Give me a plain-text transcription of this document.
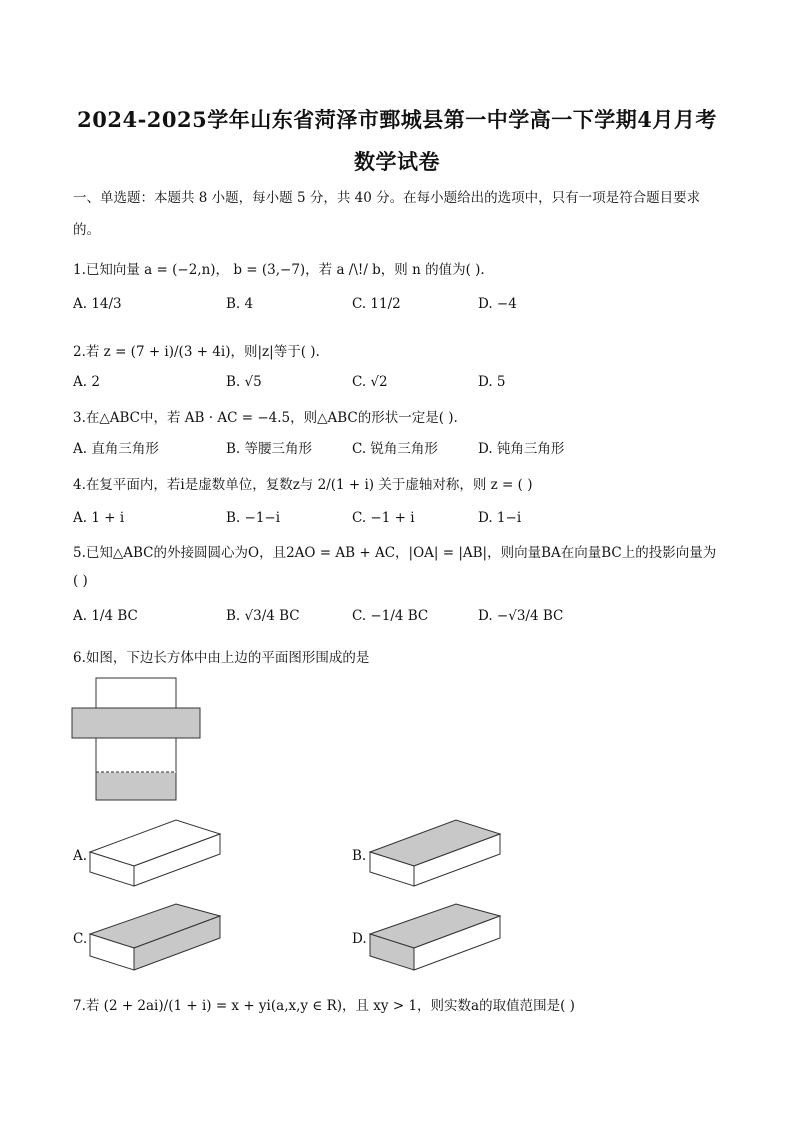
2024-2025学年山东省菏泽市鄄城县第一中学高一下学期4月月考
数学试卷
一、单选题：本题共 8 小题，每小题 5 分，共 40 分。在每小题给出的选项中，只有一项是符合题目要求
的。
1.已知向量 a = (−2,n)， b = (3,−7)，若 a /\!/ b，则 n 的值为( ).
A. 14/3	B. 4	C. 11/2	D. −4
2.若 z = (7 + i)/(3 + 4i)，则|z|等于( ).
A. 2	B. √5	C. √2	D. 5
3.在△ABC中，若 AB · AC = −4.5，则△ABC的形状一定是( ).
A. 直角三角形	B. 等腰三角形	C. 锐角三角形	D. 钝角三角形
4.在复平面内，若i是虚数单位，复数z与 2/(1 + i) 关于虚轴对称，则 z = ( )
A. 1 + i	B. −1−i	C. −1 + i	D. 1−i
5.已知△ABC的外接圆圆心为O，且2AO = AB + AC，|OA| = |AB|，则向量BA在向量BC上的投影向量为
( )
A. 1/4 BC	B. √3/4 BC	C. −1/4 BC	D. −√3/4 BC
6.如图，下边长方体中由上边的平面图形围成的是
A.	B.
C.	D.
7.若 (2 + 2ai)/(1 + i) = x + yi(a,x,y ∈ R)，且 xy > 1，则实数a的取值范围是( )
